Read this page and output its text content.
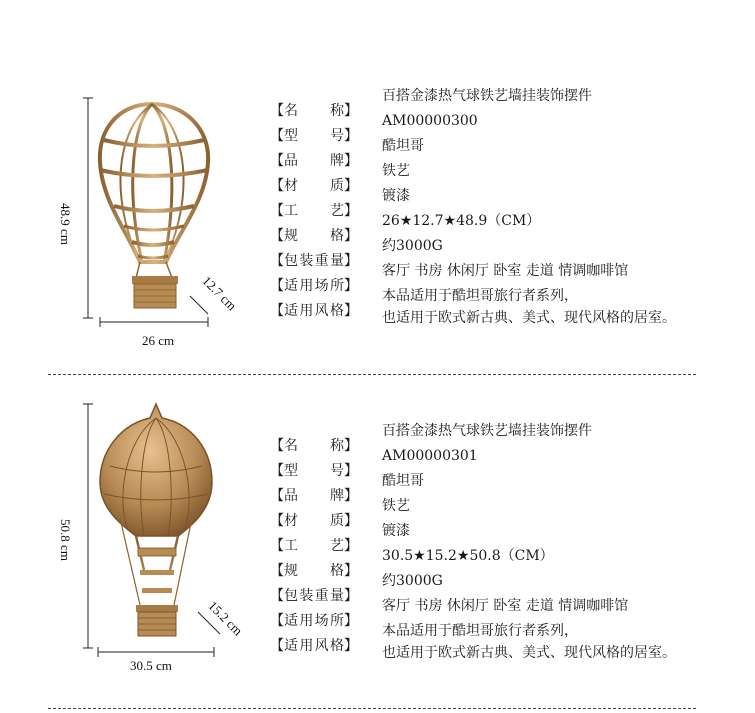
48.9 cm
12.7 cm
26 cm
【 名称 】
百搭金漆热气球铁艺墙挂装饰摆件
【 型号 】
AM00000300
【 品牌 】
酷坦哥
【 材质 】
铁艺
【 工艺 】
镀漆
【 规格 】
26★12.7★48.9（CM）
【 包装重量 】
约3000G
【 适用场所 】
客厅 书房 休闲厅 卧室 走道 情调咖啡馆
【 适用风格 】
本品适用于酷坦哥旅行者系列，
也适用于欧式新古典、美式、现代风格的居室。
50.8 cm
15.2 cm
30.5 cm
【 名称 】
百搭金漆热气球铁艺墙挂装饰摆件
【 型号 】
AM00000301
【 品牌 】
酷坦哥
【 材质 】
铁艺
【 工艺 】
镀漆
【 规格 】
30.5★15.2★50.8（CM）
【 包装重量 】
约3000G
【 适用场所 】
客厅 书房 休闲厅 卧室 走道 情调咖啡馆
【 适用风格 】
本品适用于酷坦哥旅行者系列，
也适用于欧式新古典、美式、现代风格的居室。
